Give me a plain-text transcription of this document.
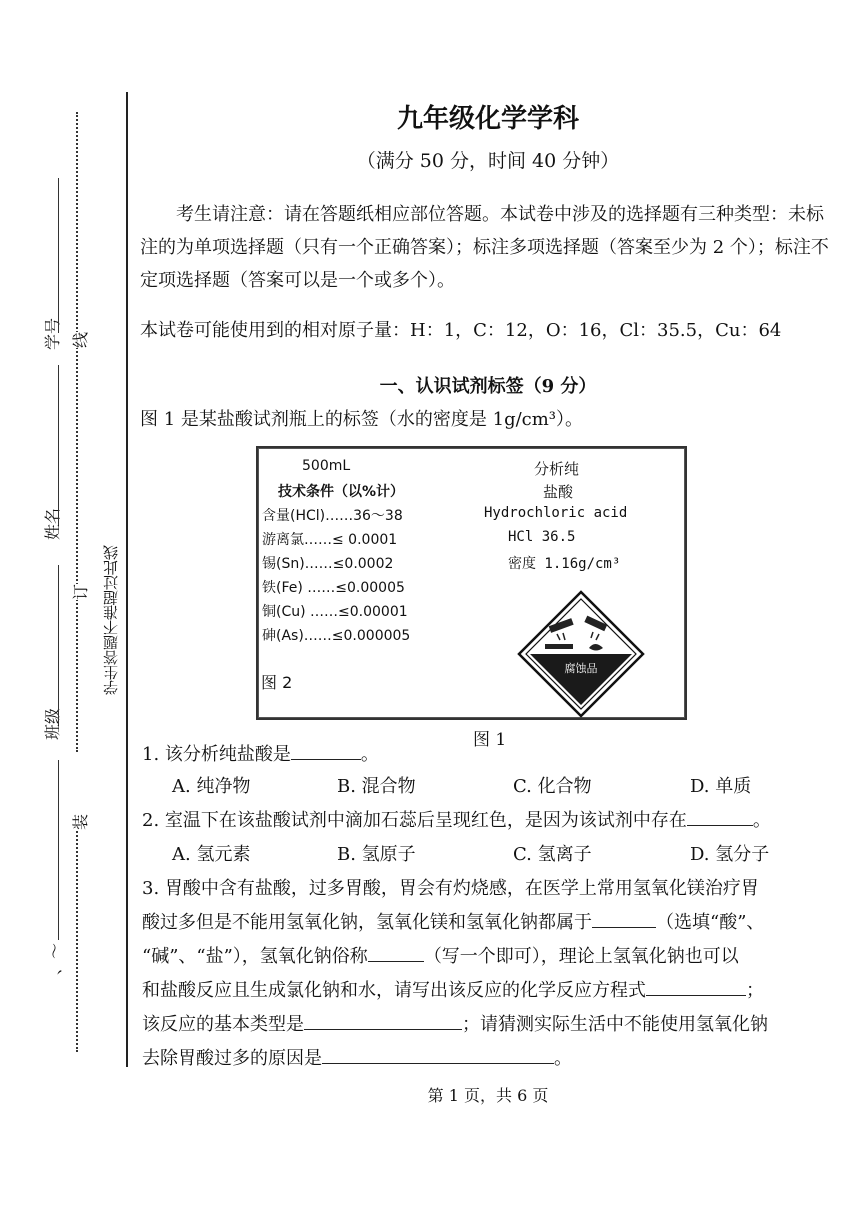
学号
姓名
班级
、〜
线
订
装
学生答题不准超过此线
九年级化学学科
（满分 50 分，时间 40 分钟）

考生请注意：请在答题纸相应部位答题。本试卷中涉及的选择题有三种类型：未标注的为单项选择题（只有一个正确答案）；标注多项选择题（答案至少为 2 个）；标注不定项选择题（答案可以是一个或多个）。

本试卷可能使用到的相对原子量：H：1，C：12，O：16，Cl：35.5，Cu：64
一、认识试剂标签（9 分）
图 1 是某盐酸试剂瓶上的标签（水的密度是 1g/cm³）。
500mL
技术条件（以%计）
含量(HCl)……36～38
游离氯……≤ 0.0001
锡(Sn)……≤0.0002
铁(Fe) ……≤0.00005
铜(Cu) ……≤0.00001
砷(As)……≤0.000005
分析纯
盐酸
Hydrochloric acid
HCl 36.5
密度 1.16g/cm³
腐蚀品
图 2
图 1
1. 该分析纯盐酸是	。
A. 纯净物	B. 混合物	C. 化合物	D. 单质
2. 室温下在该盐酸试剂中滴加石蕊后呈现红色，是因为该试剂中存在	。
A. 氢元素	B. 氢原子	C. 氢离子	D. 氢分子
3. 胃酸中含有盐酸，过多胃酸，胃会有灼烧感，在医学上常用氢氧化镁治疗胃
酸过多但是不能用氢氧化钠，氢氧化镁和氢氧化钠都属于	（选填“酸”、
“碱”、“盐”），氢氧化钠俗称	（写一个即可），理论上氢氧化钠也可以
和盐酸反应且生成氯化钠和水，请写出该反应的化学反应方程式	；
该反应的基本类型是	；请猜测实际生活中不能使用氢氧化钠
去除胃酸过多的原因是	。
第 1 页，共 6 页
